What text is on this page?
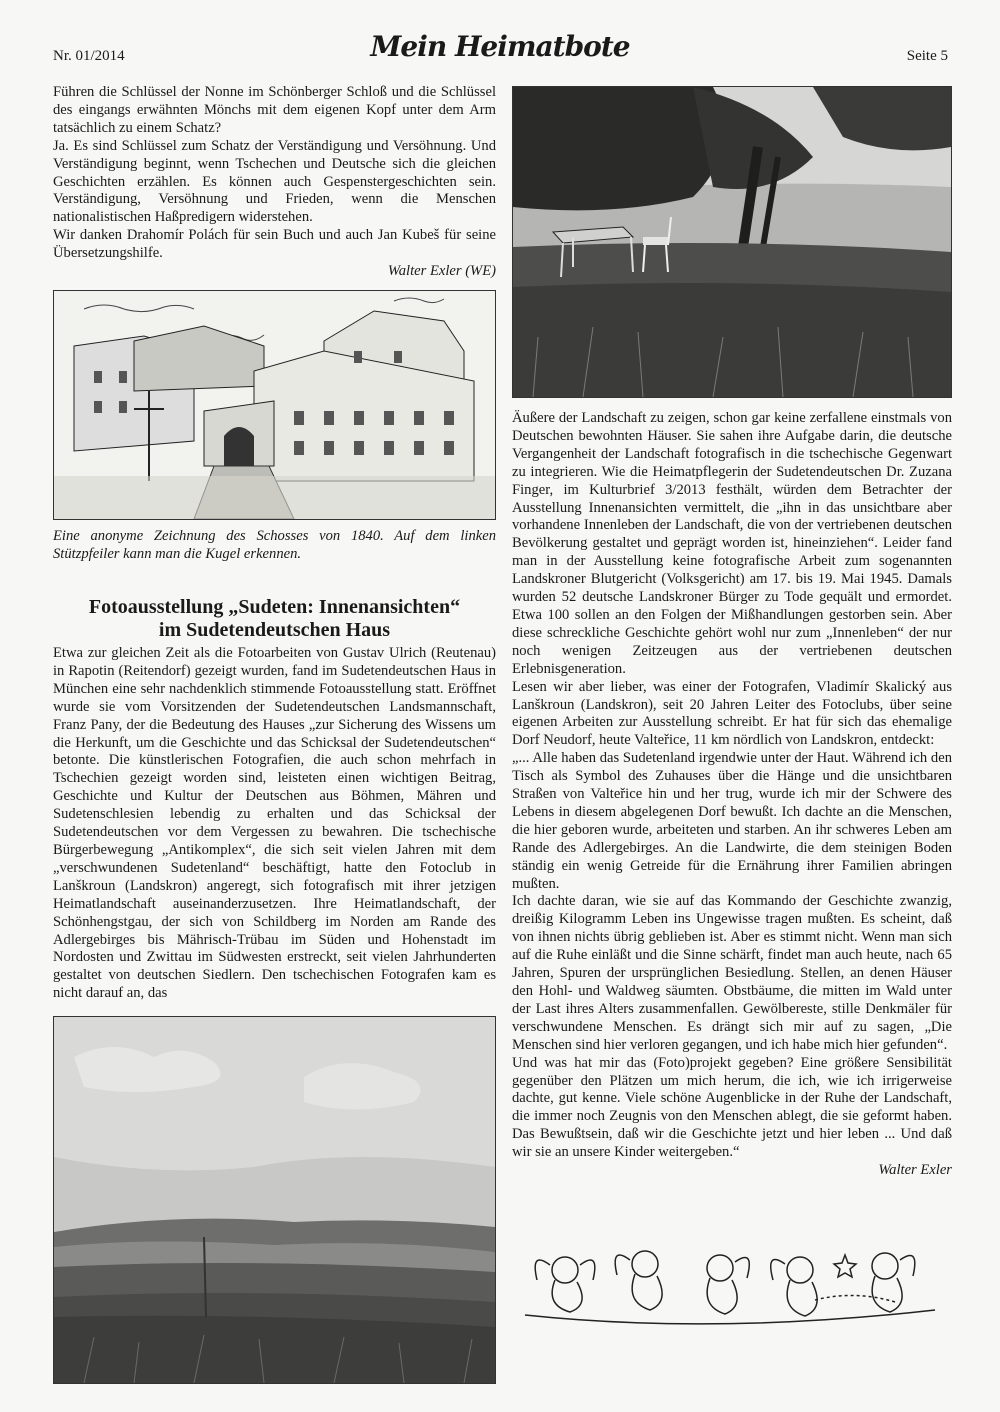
Nr. 01/2014	Mein Heimatbote	Seite 5

Führen die Schlüssel der Nonne im Schönberger Schloß und die Schlüssel des eingangs erwähnten Mönchs mit dem eigenen Kopf unter dem Arm tatsächlich zu einem Schatz?

Ja. Es sind Schlüssel zum Schatz der Verständigung und Versöhnung. Und Verständigung beginnt, wenn Tschechen und Deutsche sich die gleichen Geschichten erzählen. Es können auch Gespenstergeschichten sein. Verständigung, Versöhnung und Frieden, wenn die Menschen nationalistischen Haßpredigern widerstehen.

Wir danken Drahomír Polách für sein Buch und auch Jan Kubeš für seine Übersetzungshilfe.

Walter Exler (WE)

Eine anonyme Zeichnung des Schosses von 1840. Auf dem linken Stützpfeiler kann man die Kugel erkennen.
Fotoausstellung „Sudeten: Innenansichten“
im Sudetendeutschen Haus

Etwa zur gleichen Zeit als die Fotoarbeiten von Gustav Ulrich (Reutenau) in Rapotin (Reitendorf) gezeigt wurden, fand im Sudetendeutschen Haus in München eine sehr nachdenklich stimmende Fotoausstellung statt. Eröffnet wurde sie vom Vorsitzenden der Sudetendeutschen Landsmannschaft, Franz Pany, der die Bedeutung des Hauses „zur Sicherung des Wissens um die Herkunft, um die Geschichte und das Schicksal der Sudetendeutschen“ betonte. Die künstlerischen Fotografien, die auch schon mehrfach in Tschechien gezeigt worden sind, leisteten einen wichtigen Beitrag, Geschichte und Kultur der Deutschen aus Böhmen, Mähren und Sudetenschlesien lebendig zu erhalten und das Schicksal der Sudetendeutschen vor dem Vergessen zu bewahren. Die tschechische Bürgerbewegung „Antikomplex“, die sich seit vielen Jahren mit dem „verschwundenen Sudetenland“ beschäftigt, hatte den Fotoclub in Lanškroun (Landskron) angeregt, sich fotografisch mit ihrer jetzigen Heimatlandschaft auseinanderzusetzen. Ihre Heimatlandschaft, der Schönhengstgau, der sich von Schildberg im Norden am Rande des Adlergebirges bis Mährisch-Trübau im Süden und Hohenstadt im Nordosten und Zwittau im Südwesten erstreckt, seit vielen Jahrhunderten gestaltet von deutschen Siedlern. Den tschechischen Fotografen kam es nicht darauf an, das

Äußere der Landschaft zu zeigen, schon gar keine zerfallene einstmals von Deutschen bewohnten Häuser. Sie sahen ihre Aufgabe darin, die deutsche Vergangenheit der Landschaft fotografisch in die tschechische Gegenwart zu integrieren. Wie die Heimatpflegerin der Sudetendeutschen Dr. Zuzana Finger, im Kulturbrief 3/2013 festhält, würden dem Betrachter der Ausstellung Innenansichten vermittelt, die „ihn in das unsichtbare aber vorhandene Innenleben der Landschaft, die von der vertriebenen deutschen Bevölkerung gestaltet und geprägt worden ist, hineinziehen“. Leider fand man in der Ausstellung keine fotografische Arbeit zum sogenannten Landskroner Blutgericht (Volksgericht) am 17. bis 19. Mai 1945. Damals wurden 52 deutsche Landskroner Bürger zu Tode gequält und ermordet. Etwa 100 sollen an den Folgen der Mißhandlungen gestorben sein. Aber diese schreckliche Geschichte gehört wohl nur zum „Innenleben“ der nur noch wenigen Zeitzeugen aus der vertriebenen deutschen Erlebnisgeneration.

Lesen wir aber lieber, was einer der Fotografen, Vladimír Skalický aus Lanškroun (Landskron), seit 20 Jahren Leiter des Fotoclubs, über seine eigenen Arbeiten zur Ausstellung schreibt. Er hat für sich das ehemalige Dorf Neudorf, heute Valteřice, 11 km nördlich von Landskron, entdeckt:

„... Alle haben das Sudetenland irgendwie unter der Haut. Während ich den Tisch als Symbol des Zuhauses über die Hänge und die unsichtbaren Straßen von Valteřice hin und her trug, wurde ich mir der Schwere des Lebens in diesem abgelegenen Dorf bewußt. Ich dachte an die Menschen, die hier geboren wurde, arbeiteten und starben. An ihr schweres Leben am Rande des Adlergebirges. An die Landwirte, die dem steinigen Boden ständig ein wenig Getreide für die Ernährung ihrer Familien abringen mußten.

Ich dachte daran, wie sie auf das Kommando der Geschichte zwanzig, dreißig Kilogramm Leben ins Ungewisse tragen mußten. Es scheint, daß von ihnen nichts übrig geblieben ist. Aber es stimmt nicht. Wenn man sich auf die Ruhe einläßt und die Sinne schärft, findet man auch heute, nach 65 Jahren, Spuren der ursprünglichen Besiedlung. Stellen, an denen Häuser den Hohl- und Waldweg säumten. Obstbäume, die mitten im Wald unter der Last ihres Alters zusammenfallen. Gewölbereste, stille Denkmäler für verschwundene Menschen. Es drängt sich mir auf zu sagen, „Die Menschen sind hier verloren gegangen, und ich habe mich hier gefunden“.

Und was hat mir das (Foto)projekt gegeben? Eine größere Sensibilität gegenüber den Plätzen um mich herum, die ich, wie ich irrigerweise dachte, gut kenne. Viele schöne Augenblicke in der Ruhe der Landschaft, die immer noch Zeugnis von den Menschen ablegt, die sie geformt haben. Das Bewußtsein, daß wir die Geschichte jetzt und hier leben ... Und daß wir sie an unsere Kinder weitergeben.“

Walter Exler
